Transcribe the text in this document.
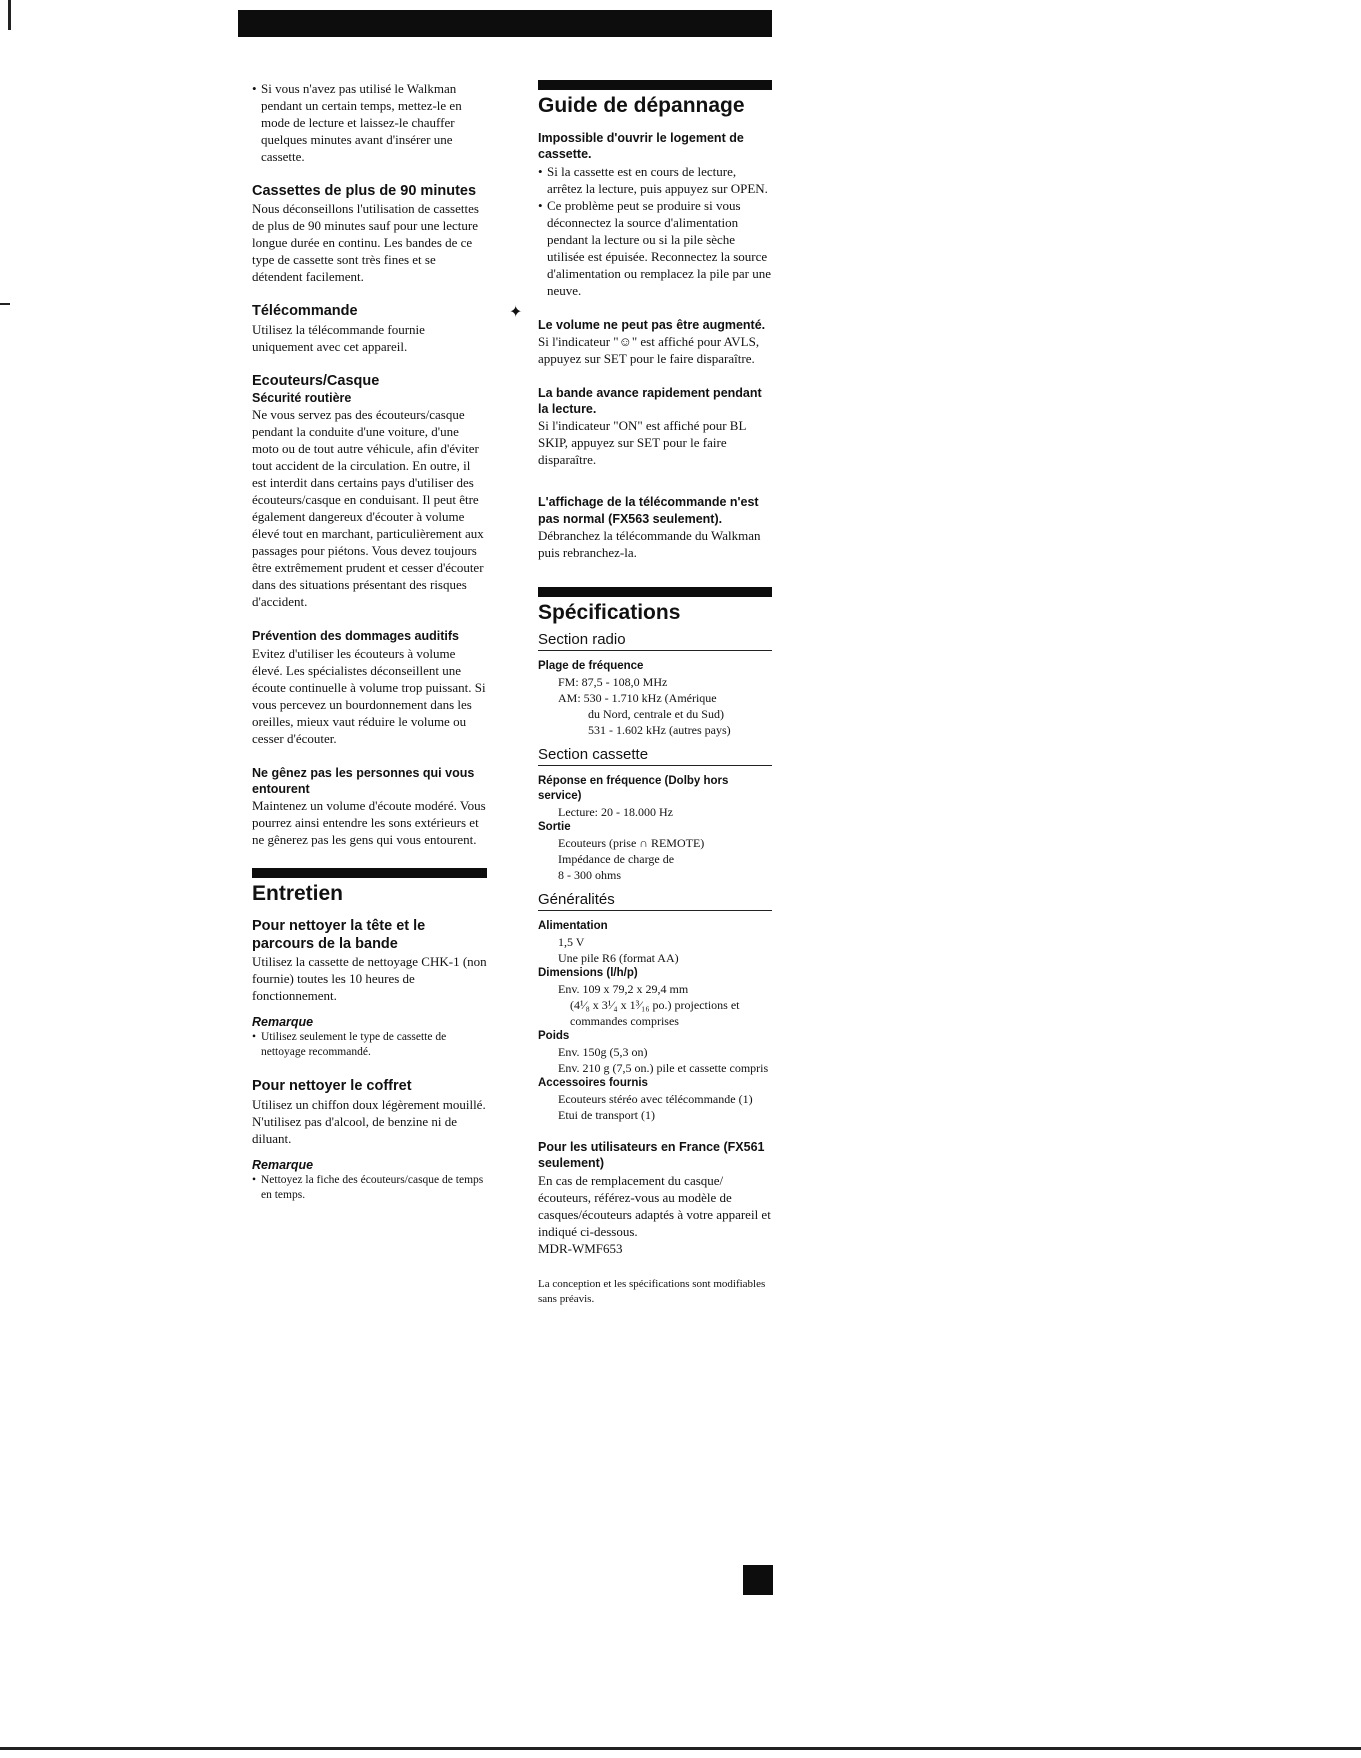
✦
• Si vous n'avez pas utilisé le Walkman pendant un certain temps, mettez-le en mode de lecture et laissez-le chauffer quelques minutes avant d'insérer une cassette.
Cassettes de plus de 90 minutes

Nous déconseillons l'utilisation de cassettes de plus de 90 minutes sauf pour une lecture longue durée en continu. Les bandes de ce type de cassette sont très fines et se détendent facilement.

Télécommande

Utilisez la télécommande fournie uniquement avec cet appareil.

Ecouteurs/Casque
Sécurité routière

Ne vous servez pas des écouteurs/casque pendant la conduite d'une voiture, d'une moto ou de tout autre véhicule, afin d'éviter tout accident de la circulation. En outre, il est interdit dans certains pays d'utiliser des écouteurs/casque en conduisant. Il peut être également dangereux d'écouter à volume élevé tout en marchant, particulièrement aux passages pour piétons. Vous devez toujours être extrêmement prudent et cesser d'écouter dans des situations présentant des risques d'accident.

Prévention des dommages auditifs

Evitez d'utiliser les écouteurs à volume élevé. Les spécialistes déconseillent une écoute continuelle à volume trop puissant. Si vous percevez un bourdonnement dans les oreilles, mieux vaut réduire le volume ou cesser d'écouter.

Ne gênez pas les personnes qui vous entourent

Maintenez un volume d'écoute modéré. Vous pourrez ainsi entendre les sons extérieurs et ne gênerez pas les gens qui vous entourent.

Entretien
Pour nettoyer la tête et le parcours de la bande

Utilisez la cassette de nettoyage CHK-1 (non fournie) toutes les 10 heures de fonctionnement.

Remarque
• Utilisez seulement le type de cassette de nettoyage recommandé.
Pour nettoyer le coffret

Utilisez un chiffon doux légèrement mouillé. N'utilisez pas d'alcool, de benzine ni de diluant.

Remarque
• Nettoyez la fiche des écouteurs/casque de temps en temps.
Guide de dépannage
Impossible d'ouvrir le logement de cassette.
• Si la cassette est en cours de lecture, arrêtez la lecture, puis appuyez sur OPEN.
• Ce problème peut se produire si vous déconnectez la source d'alimentation pendant la lecture ou si la pile sèche utilisée est épuisée. Reconnectez la source d'alimentation ou remplacez la pile par une neuve.
Le volume ne peut pas être augmenté.

Si l'indicateur "☺" est affiché pour AVLS, appuyez sur SET pour le faire disparaître.

La bande avance rapidement pendant la lecture.

Si l'indicateur "ON" est affiché pour BL SKIP, appuyez sur SET pour le faire disparaître.

L'affichage de la télécommande n'est pas normal (FX563 seulement).

Débranchez la télécommande du Walkman puis rebranchez-la.

Spécifications
Section radio
Plage de fréquence
FM: 87,5 - 108,0 MHz
AM: 530 - 1.710 kHz (Amérique
du Nord, centrale et du Sud)
531 - 1.602 kHz (autres pays)
Section cassette
Réponse en fréquence (Dolby hors service)
Lecture: 20 - 18.000 Hz
Sortie
Ecouteurs (prise ∩ REMOTE)
Impédance de charge de
8 - 300 ohms
Généralités
Alimentation
1,5 V
Une pile R6 (format AA)
Dimensions (l/h/p)
Env. 109 x 79,2 x 29,4 mm
(4¹⁄₈ x 3¹⁄₄ x 1³⁄₁₆ po.) projections et commandes comprises
Poids
Env. 150g (5,3 on)
Env. 210 g (7,5 on.) pile et cassette compris
Accessoires fournis
Ecouteurs stéréo avec télécommande (1)
Etui de transport (1)
Pour les utilisateurs en France (FX561 seulement)

En cas de remplacement du casque/écouteurs, référez-vous au modèle de casques/écouteurs adaptés à votre appareil et indiqué ci-dessous.

MDR-WMF653

La conception et les spécifications sont modifiables sans préavis.
